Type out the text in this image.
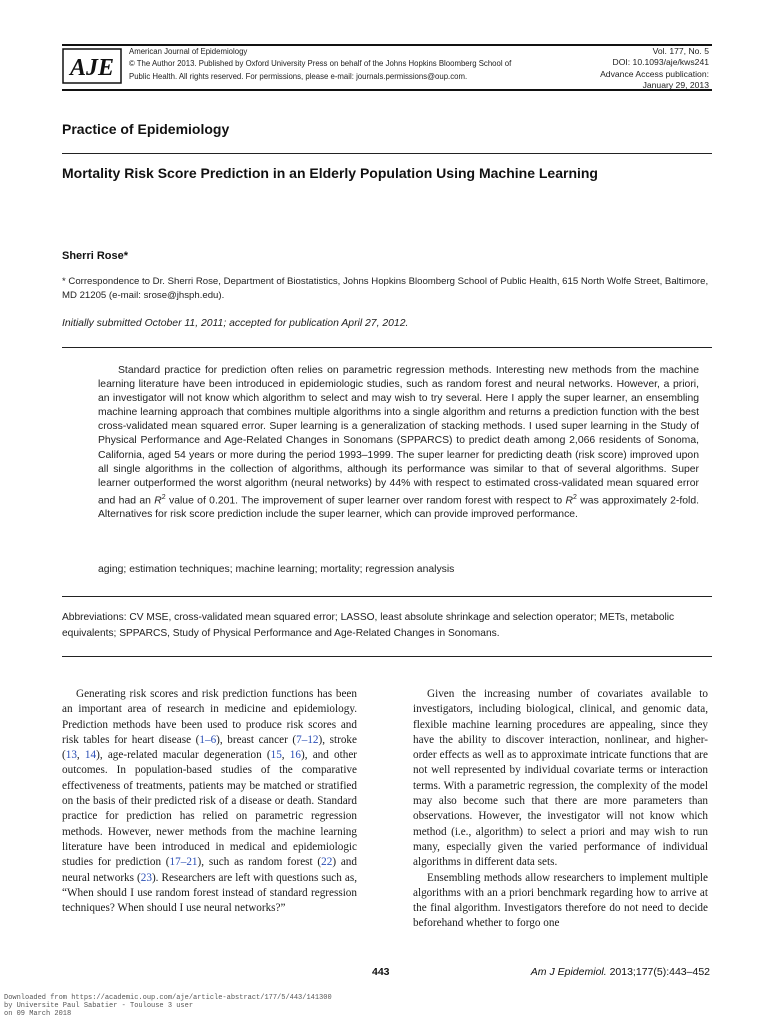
AJE
American Journal of Epidemiology
© The Author 2013. Published by Oxford University Press on behalf of the Johns Hopkins Bloomberg School of
Public Health. All rights reserved. For permissions, please e-mail: journals.permissions@oup.com.
Vol. 177, No. 5
DOI: 10.1093/aje/kws241
Advance Access publication:
January 29, 2013
Practice of Epidemiology
Mortality Risk Score Prediction in an Elderly Population Using Machine Learning
Sherri Rose*
* Correspondence to Dr. Sherri Rose, Department of Biostatistics, Johns Hopkins Bloomberg School of Public Health, 615 North Wolfe Street, Baltimore, MD 21205 (e-mail: srose@jhsph.edu).
Initially submitted October 11, 2011; accepted for publication April 27, 2012.
Standard practice for prediction often relies on parametric regression methods. Interesting new methods from the machine learning literature have been introduced in epidemiologic studies, such as random forest and neural networks. However, a priori, an investigator will not know which algorithm to select and may wish to try several. Here I apply the super learner, an ensembling machine learning approach that combines multiple algorithms into a single algorithm and returns a prediction function with the best cross-validated mean squared error. Super learning is a generalization of stacking methods. I used super learning in the Study of Physical Performance and Age-Related Changes in Sonomans (SPPARCS) to predict death among 2,066 residents of Sonoma, California, aged 54 years or more during the period 1993–1999. The super learner for predicting death (risk score) improved upon all single algorithms in the collection of algorithms, although its performance was similar to that of several algorithms. Super learner outperformed the worst algorithm (neural networks) by 44% with respect to estimated cross-validated mean squared error and had an $R^2$ value of 0.201. The improvement of super learner over random forest with respect to $R^2$ was approximately 2-fold. Alternatives for risk score prediction include the super learner, which can provide improved performance.
aging; estimation techniques; machine learning; mortality; regression analysis
Abbreviations: CV MSE, cross-validated mean squared error; LASSO, least absolute shrinkage and selection operator; METs, metabolic equivalents; SPPARCS, Study of Physical Performance and Age-Related Changes in Sonomans.

Generating risk scores and risk prediction functions has been an important area of research in medicine and epidemiology. Prediction methods have been used to produce risk scores and risk tables for heart disease (1–6), breast cancer (7–12), stroke (13, 14), age-related macular degeneration (15, 16), and other outcomes. In population-based studies of the comparative effectiveness of treatments, patients may be matched or stratified on the basis of their predicted risk of a disease or death. Standard practice for prediction has relied on parametric regression methods. However, newer methods from the machine learning literature have been introduced in medical and epidemiologic studies for prediction (17–21), such as random forest (22) and neural networks (23). Researchers are left with questions such as, “When should I use random forest instead of standard regression techniques? When should I use neural networks?”

Given the increasing number of covariates available to investigators, including biological, clinical, and genomic data, flexible machine learning procedures are appealing, since they have the ability to discover interaction, nonlinear, and higher-order effects as well as to approximate intricate functions that are not well represented by individual covariate terms or interaction terms. With a parametric regression, the complexity of the model may also become such that there are more parameters than observations. However, the investigator will not know which method (i.e., algorithm) to select a priori and may wish to run many, especially given the varied performance of individual algorithms in different data sets.

Ensembling methods allow researchers to implement multiple algorithms with an a priori benchmark regarding how to arrive at the final algorithm. Investigators therefore do not need to decide beforehand whether to forgo one

443	Am J Epidemiol. 2013;177(5):443–452
Downloaded from https://academic.oup.com/aje/article-abstract/177/5/443/141300
by Universite Paul Sabatier - Toulouse 3 user
on 09 March 2018
